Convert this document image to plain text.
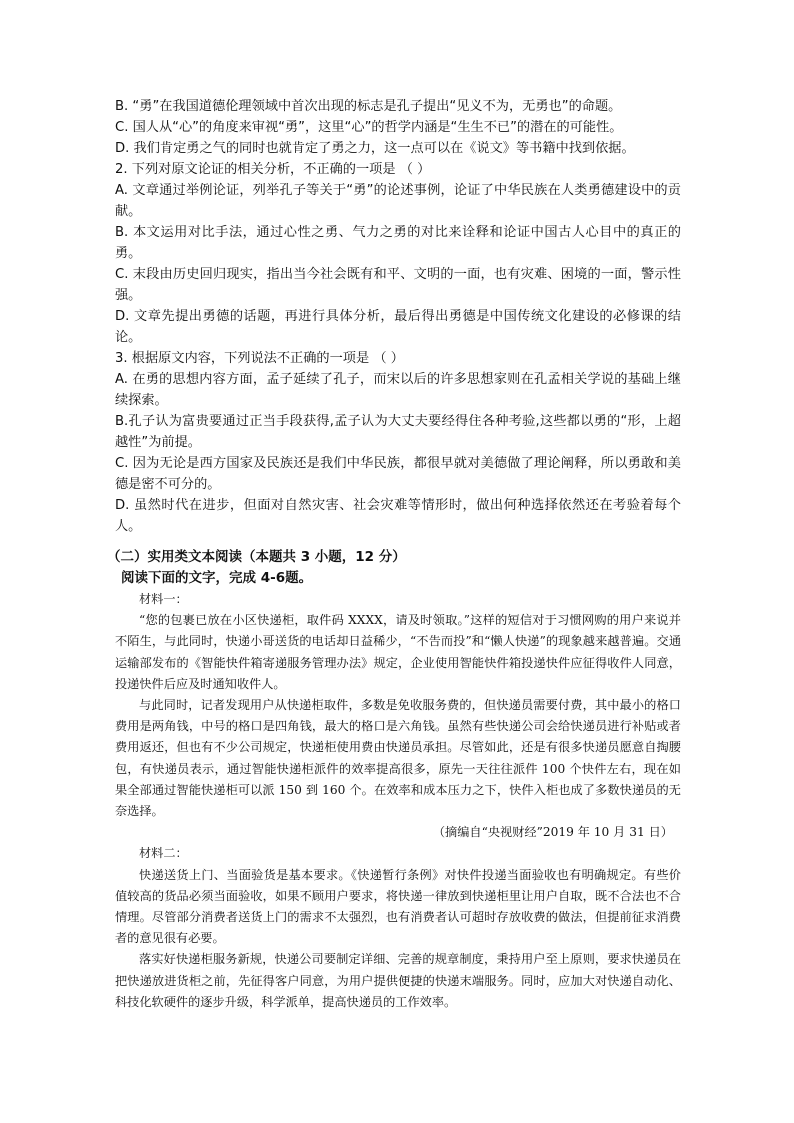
B. “勇”在我国道德伦理领域中首次出现的标志是孔子提出“见义不为，无勇也”的命题。

C. 国人从“心”的角度来审视“勇”，这里“心”的哲学内涵是“生生不已”的潜在的可能性。

D. 我们肯定勇之气的同时也就肯定了勇之力，这一点可以在《说文》等书籍中找到依据。

2. 下列对原文论证的相关分析，不正确的一项是 （ ）

A. 文章通过举例论证，列举孔子等关于“勇”的论述事例，论证了中华民族在人类勇德建设中的贡献。

B. 本文运用对比手法，通过心性之勇、气力之勇的对比来诠释和论证中国古人心目中的真正的勇。

C. 末段由历史回归现实，指出当今社会既有和平、文明的一面，也有灾难、困境的一面，警示性强。

D. 文章先提出勇德的话题，再进行具体分析，最后得出勇德是中国传统文化建设的必修课的结论。

3. 根据原文内容，下列说法不正确的一项是 （ ）

A. 在勇的思想内容方面，孟子延续了孔子，而宋以后的许多思想家则在孔孟相关学说的基础上继续探索。

B.孔子认为富贵要通过正当手段获得,孟子认为大丈夫要经得住各种考验,这些都以勇的“形，上超越性”为前提。

C. 因为无论是西方国家及民族还是我们中华民族，都很早就对美德做了理论阐释，所以勇敢和美德是密不可分的。

D. 虽然时代在进步，但面对自然灾害、社会灾难等情形时，做出何种选择依然还在考验着每个人。

（二）实用类文本阅读（本题共 3 小题，12 分）

阅读下面的文字，完成 4-6题。

材料一：

“您的包裹已放在小区快递柜，取件码 XXXX，请及时领取。”这样的短信对于习惯网购的用户来说并不陌生，与此同时，快递小哥送货的电话却日益稀少，“不告而投”和“懒人快递”的现象越来越普遍。交通运输部发布的《智能快件箱寄递服务管理办法》规定，企业使用智能快件箱投递快件应征得收件人同意，投递快件后应及时通知收件人。

与此同时，记者发现用户从快递柜取件，多数是免收服务费的，但快递员需要付费，其中最小的格口费用是两角钱，中号的格口是四角钱，最大的格口是六角钱。虽然有些快递公司会给快递员进行补贴或者费用返还，但也有不少公司规定，快递柜使用费由快递员承担。尽管如此，还是有很多快递员愿意自掏腰包，有快递员表示，通过智能快递柜派件的效率提高很多，原先一天往往派件 100 个快件左右，现在如果全部通过智能快递柜可以派 150 到 160 个。在效率和成本压力之下，快件入柜也成了多数快递员的无奈选择。

（摘编自“央视财经”2019 年 10 月 31 日）

材料二：

快递送货上门、当面验货是基本要求。《快递暂行条例》对快件投递当面验收也有明确规定。有些价值较高的货品必须当面验收，如果不顾用户要求，将快递一律放到快递柜里让用户自取，既不合法也不合情理。尽管部分消费者送货上门的需求不太强烈，也有消费者认可超时存放收费的做法，但提前征求消费者的意见很有必要。

落实好快递柜服务新规，快递公司要制定详细、完善的规章制度，秉持用户至上原则，要求快递员在把快递放进货柜之前，先征得客户同意，为用户提供便捷的快递末端服务。同时，应加大对快递自动化、科技化软硬件的逐步升级，科学派单，提高快递员的工作效率。
